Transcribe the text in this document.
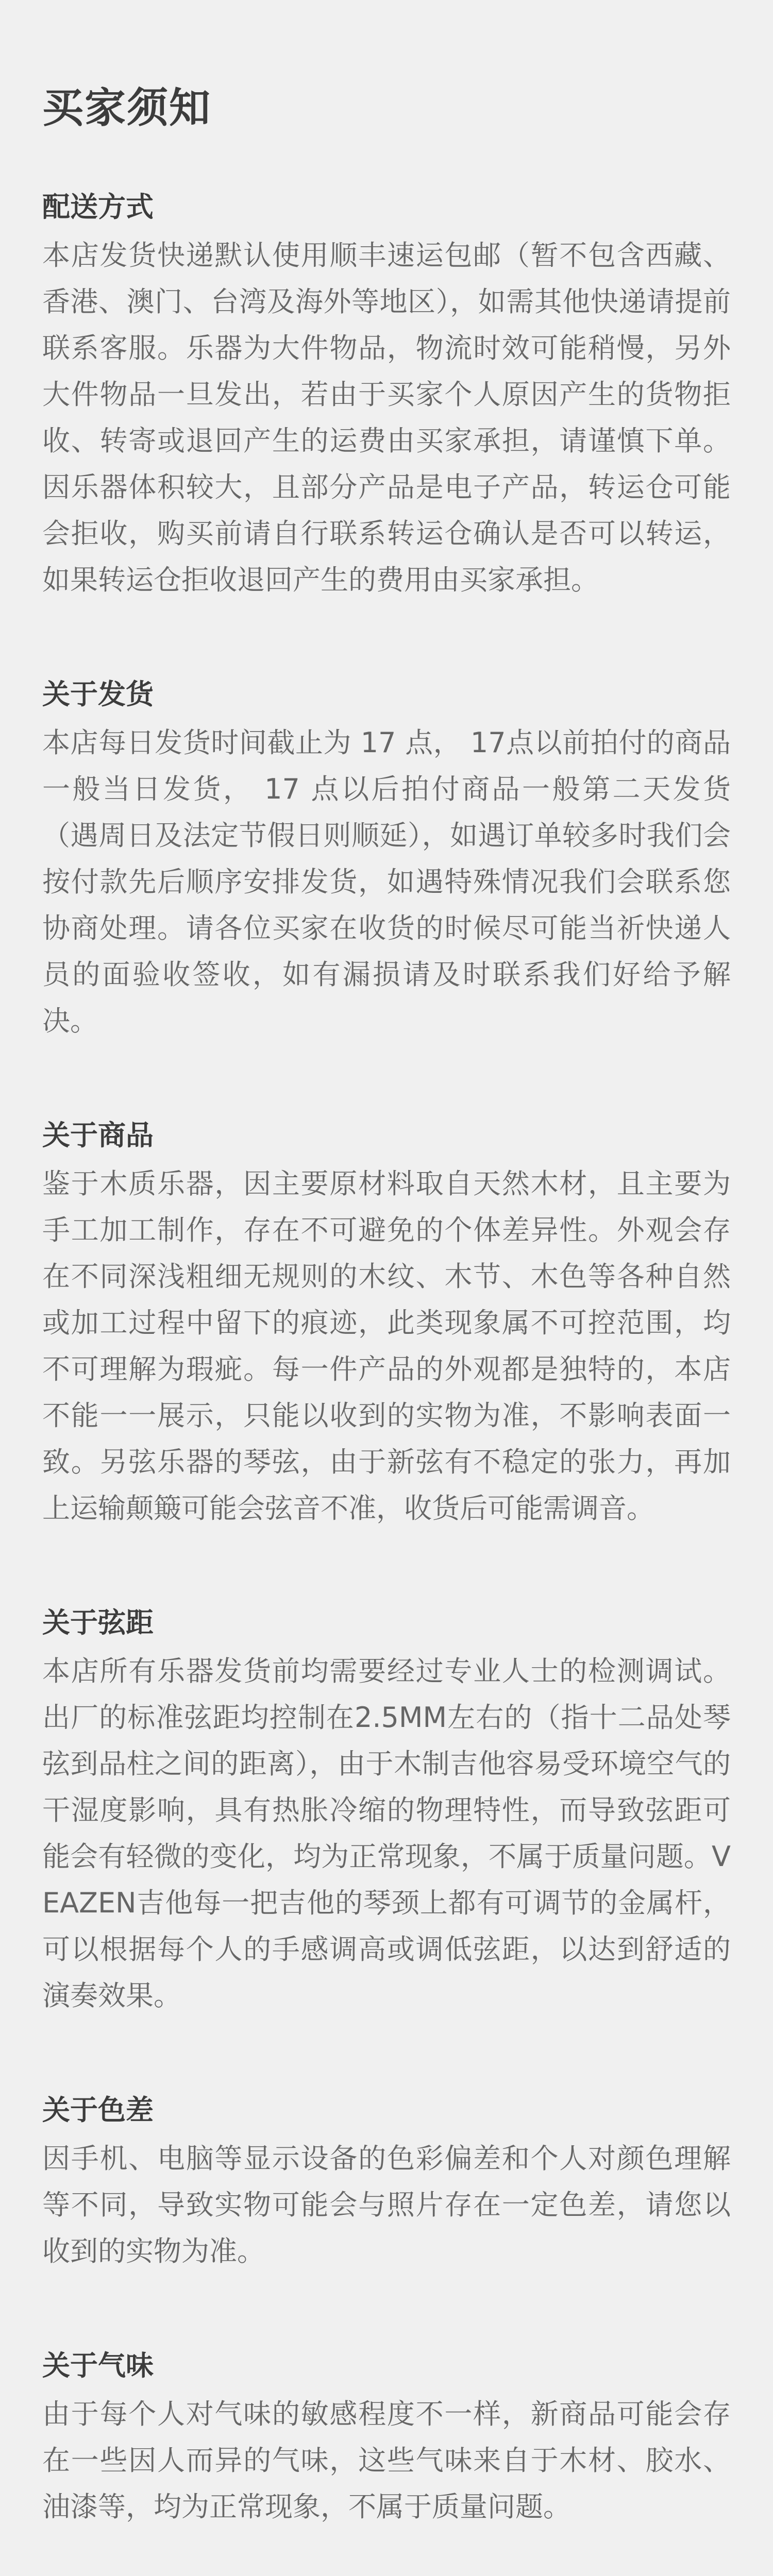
买家须知
配送方式

本店发货快递默认使用顺丰速运包邮（暂不包含西藏、香港、澳门、台湾及海外等地区），如需其他快递请提前联系客服。乐器为大件物品，物流时效可能稍慢，另外大件物品一旦发出，若由于买家个人原因产生的货物拒收、转寄或退回产生的运费由买家承担，请谨慎下单。因乐器体积较大，且部分产品是电子产品，转运仓可能会拒收，购买前请自行联系转运仓确认是否可以转运，如果转运仓拒收退回产生的费用由买家承担。

关于发货

本店每日发货时间截止为 17 点， 17点以前拍付的商品一般当日发货， 17 点以后拍付商品一般第二天发货（遇周日及法定节假日则顺延），如遇订单较多时我们会按付款先后顺序安排发货，如遇特殊情况我们会联系您协商处理。请各位买家在收货的时候尽可能当祈快递人员的面验收签收，如有漏损请及时联系我们好给予解决。

关于商品

鉴于木质乐器，因主要原材料取自天然木材，且主要为手工加工制作，存在不可避免的个体差异性。外观会存在不同深浅粗细无规则的木纹、木节、木色等各种自然或加工过程中留下的痕迹，此类现象属不可控范围，均不可理解为瑕疵。每一件产品的外观都是独特的，本店不能一一展示，只能以收到的实物为准，不影响表面一致。另弦乐器的琴弦，由于新弦有不稳定的张力，再加上运输颠簸可能会弦音不准，收货后可能需调音。

关于弦距

本店所有乐器发货前均需要经过专业人士的检测调试。出厂的标准弦距均控制在2.5MM左右的（指十二品处琴弦到品柱之间的距离），由于木制吉他容易受环境空气的干湿度影响，具有热胀冷缩的物理特性，而导致弦距可能会有轻微的变化，均为正常现象，不属于质量问题。VEAZEN吉他每一把吉他的琴颈上都有可调节的金属杆，可以根据每个人的手感调高或调低弦距，以达到舒适的演奏效果。

关于色差

因手机、电脑等显示设备的色彩偏差和个人对颜色理解等不同，导致实物可能会与照片存在一定色差，请您以收到的实物为准。

关于气味

由于每个人对气味的敏感程度不一样，新商品可能会存在一些因人而异的气味，这些气味来自于木材、胶水、油漆等，均为正常现象，不属于质量问题。
